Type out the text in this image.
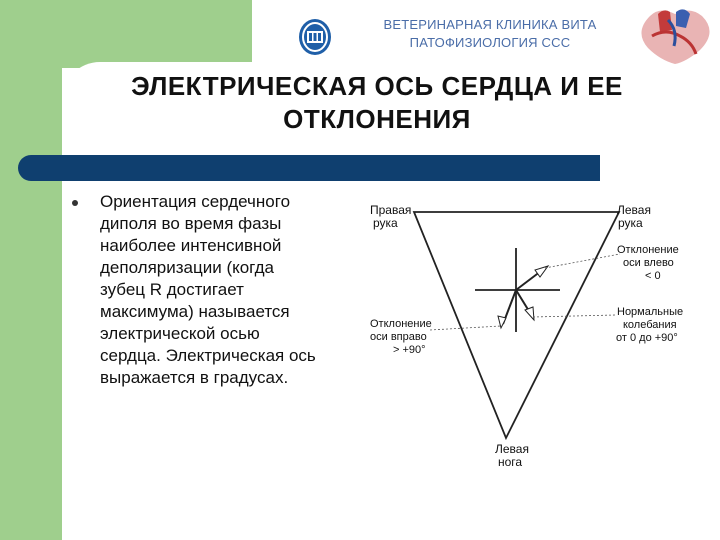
ВЕТЕРИНАРНАЯ КЛИНИКА ВИТА
ПАТОФИЗИОЛОГИЯ ССС
ЭЛЕКТРИЧЕСКАЯ ОСЬ СЕРДЦА И ЕЕ
ОТКЛОНЕНИЯ
Ориентация сердечного
диполя во время фазы
наиболее интенсивной
деполяризации (когда
зубец R достигает
максимума) называется
электрической осью
сердца. Электрическая ось
выражается в градусах.
Правая
рука
Левая
рука
Отклонение
оси влево
< 0
Нормальные
колебания
от 0 до +90°
Отклонение
оси вправо
> +90°
Левая
нога
